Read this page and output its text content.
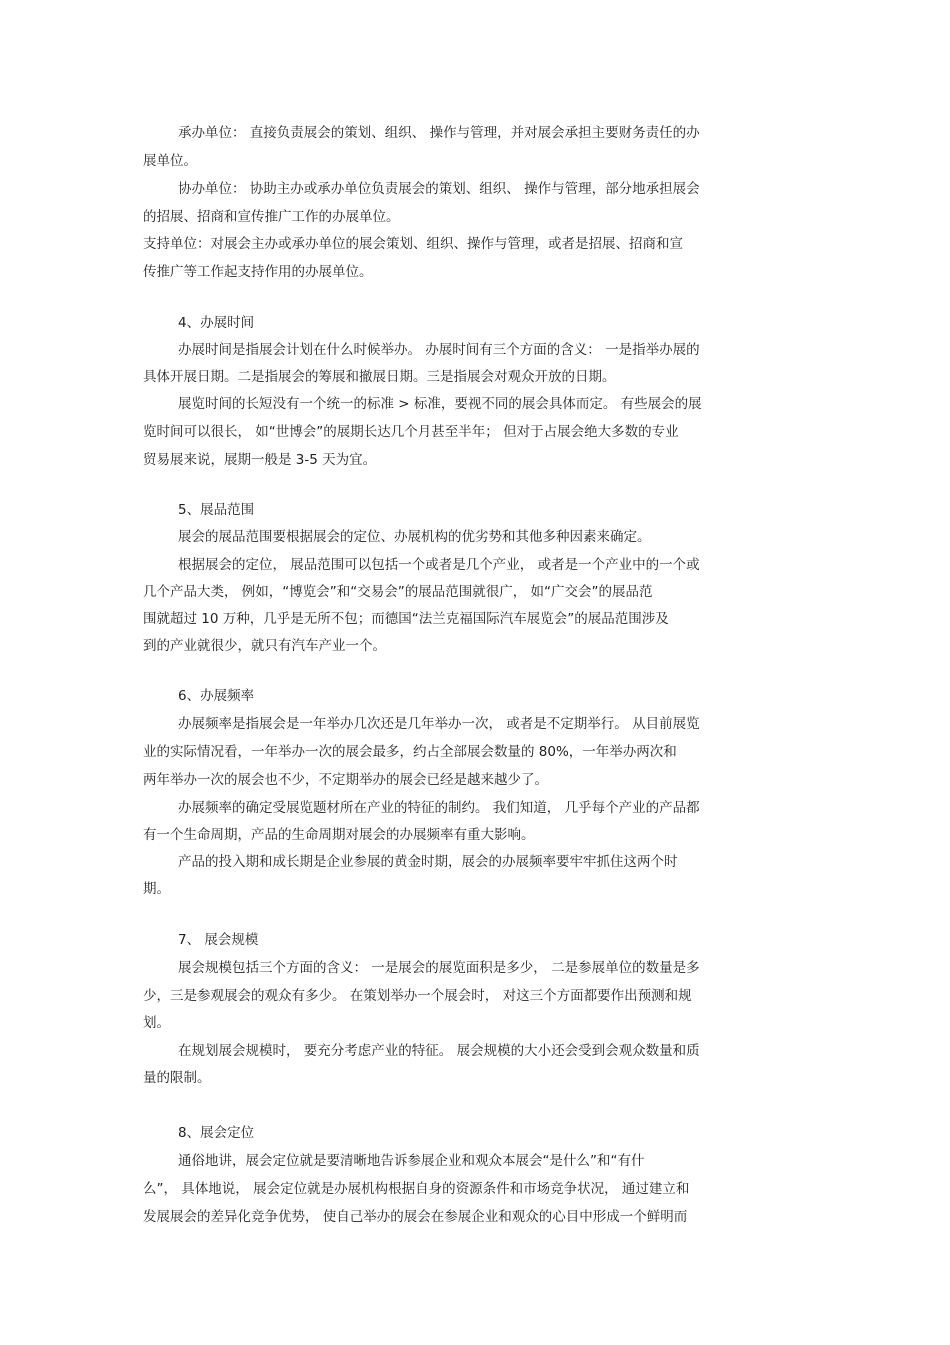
承办单位： 直接负责展会的策划、组织、 操作与管理，并对展会承担主要财务责任的办
展单位。
协办单位： 协助主办或承办单位负责展会的策划、组织、 操作与管理，部分地承担展会
的招展、招商和宣传推广工作的办展单位。
支持单位：对展会主办或承办单位的展会策划、组织、操作与管理，或者是招展、招商和宣
传推广等工作起支持作用的办展单位。
4、办展时间
办展时间是指展会计划在什么时候举办。 办展时间有三个方面的含义： 一是指举办展的
具体开展日期。二是指展会的筹展和撤展日期。三是指展会对观众开放的日期。
展览时间的长短没有一个统一的标准 > 标准，要视不同的展会具体而定。 有些展会的展
览时间可以很长， 如“世博会”的展期长达几个月甚至半年； 但对于占展会绝大多数的专业
贸易展来说，展期一般是 3-5 天为宜。
5、展品范围
展会的展品范围要根据展会的定位、办展机构的优劣势和其他多种因素来确定。
根据展会的定位， 展品范围可以包括一个或者是几个产业， 或者是一个产业中的一个或
几个产品大类， 例如，“博览会”和“交易会”的展品范围就很广， 如“广交会”的展品范
围就超过 10 万种，几乎是无所不包；而德国“法兰克福国际汽车展览会”的展品范围涉及
到的产业就很少，就只有汽车产业一个。
6、办展频率
办展频率是指展会是一年举办几次还是几年举办一次， 或者是不定期举行。 从目前展览
业的实际情况看，一年举办一次的展会最多，约占全部展会数量的 80%，一年举办两次和
两年举办一次的展会也不少，不定期举办的展会已经是越来越少了。
办展频率的确定受展览题材所在产业的特征的制约。 我们知道， 几乎每个产业的产品都
有一个生命周期，产品的生命周期对展会的办展频率有重大影响。
产品的投入期和成长期是企业参展的黄金时期，展会的办展频率要牢牢抓住这两个时
期。
7、 展会规模
展会规模包括三个方面的含义： 一是展会的展览面积是多少， 二是参展单位的数量是多
少，三是参观展会的观众有多少。 在策划举办一个展会时， 对这三个方面都要作出预测和规
划。
在规划展会规模时， 要充分考虑产业的特征。 展会规模的大小还会受到会观众数量和质
量的限制。
8、展会定位
通俗地讲，展会定位就是要清晰地告诉参展企业和观众本展会“是什么”和“有什
么”， 具体地说， 展会定位就是办展机构根据自身的资源条件和市场竞争状况， 通过建立和
发展展会的差异化竞争优势， 使自己举办的展会在参展企业和观众的心目中形成一个鲜明而
